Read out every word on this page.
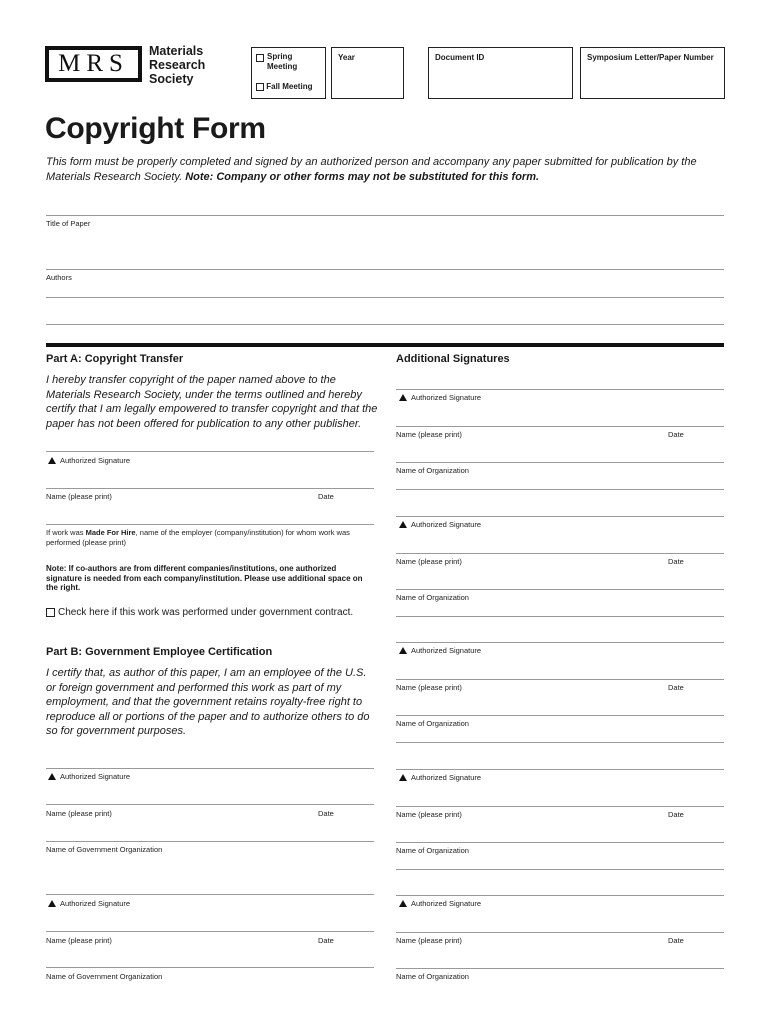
MRS	Materials
Research
Society
Spring
Meeting
Fall Meeting
Year	Document ID	Symposium Letter/Paper Number
Copyright Form
This form must be properly completed and signed by an authorized person and accompany any paper submitted for publication by the Materials Research Society. Note: Company or other forms may not be substituted for this form.
Title of Paper
Authors
Part A: Copyright Transfer
I hereby transfer copyright of the paper named above to the Materials Research Society, under the terms outlined and hereby certify that I am legally empowered to transfer copyright and that the paper has not been offered for publication to any other publisher.
Authorized Signature
Name (please print)	Date
If work was Made For Hire, name of the employer (company/institution) for whom work was performed (please print)
Note: If co-authors are from different companies/institutions, one authorized signature is needed from each company/institution. Please use additional space on the right.
Check here if this work was performed under government contract.
Part B: Government Employee Certification
I certify that, as author of this paper, I am an employee of the U.S. or foreign government and performed this work as part of my employment, and that the government retains royalty-free right to reproduce all or portions of the paper and to authorize others to do so for government purposes.
Authorized Signature
Name (please print)	Date
Name of Government Organization
Authorized Signature
Name (please print)	Date
Name of Government Organization
Additional Signatures
Authorized Signature
Name (please print)	Date
Name of Organization
Authorized Signature
Name (please print)	Date
Name of Organization
Authorized Signature
Name (please print)	Date
Name of Organization
Authorized Signature
Name (please print)	Date
Name of Organization
Authorized Signature
Name (please print)	Date
Name of Organization
